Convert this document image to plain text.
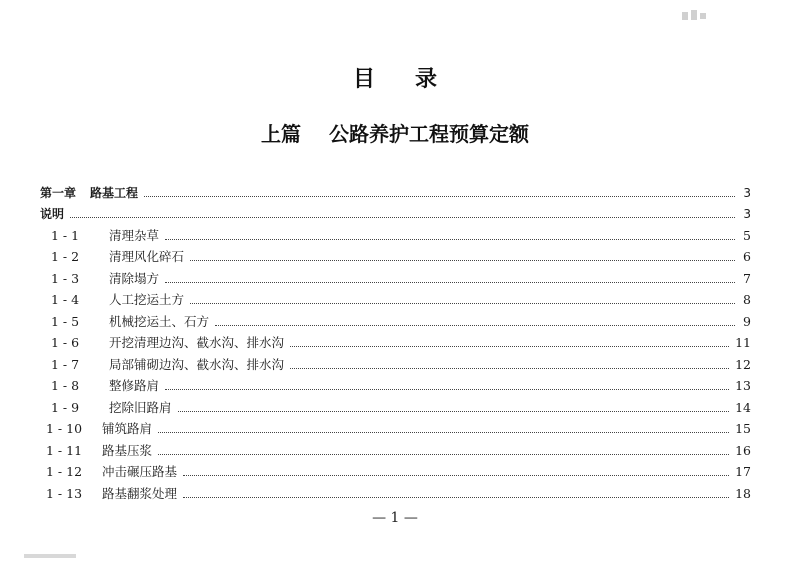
目 录
上篇 公路养护工程预算定额
第一章 路基工程	3
说明	3
1 - 1	清理杂草	5
1 - 2	清理风化碎石	6
1 - 3	清除塌方	7
1 - 4	人工挖运土方	8
1 - 5	机械挖运土、石方	9
1 - 6	开挖清理边沟、截水沟、排水沟	11
1 - 7	局部铺砌边沟、截水沟、排水沟	12
1 - 8	整修路肩	13
1 - 9	挖除旧路肩	14
1 - 10	铺筑路肩	15
1 - 11	路基压浆	16
1 - 12	冲击碾压路基	17
1 - 13	路基翻浆处理	18
— 1 —
